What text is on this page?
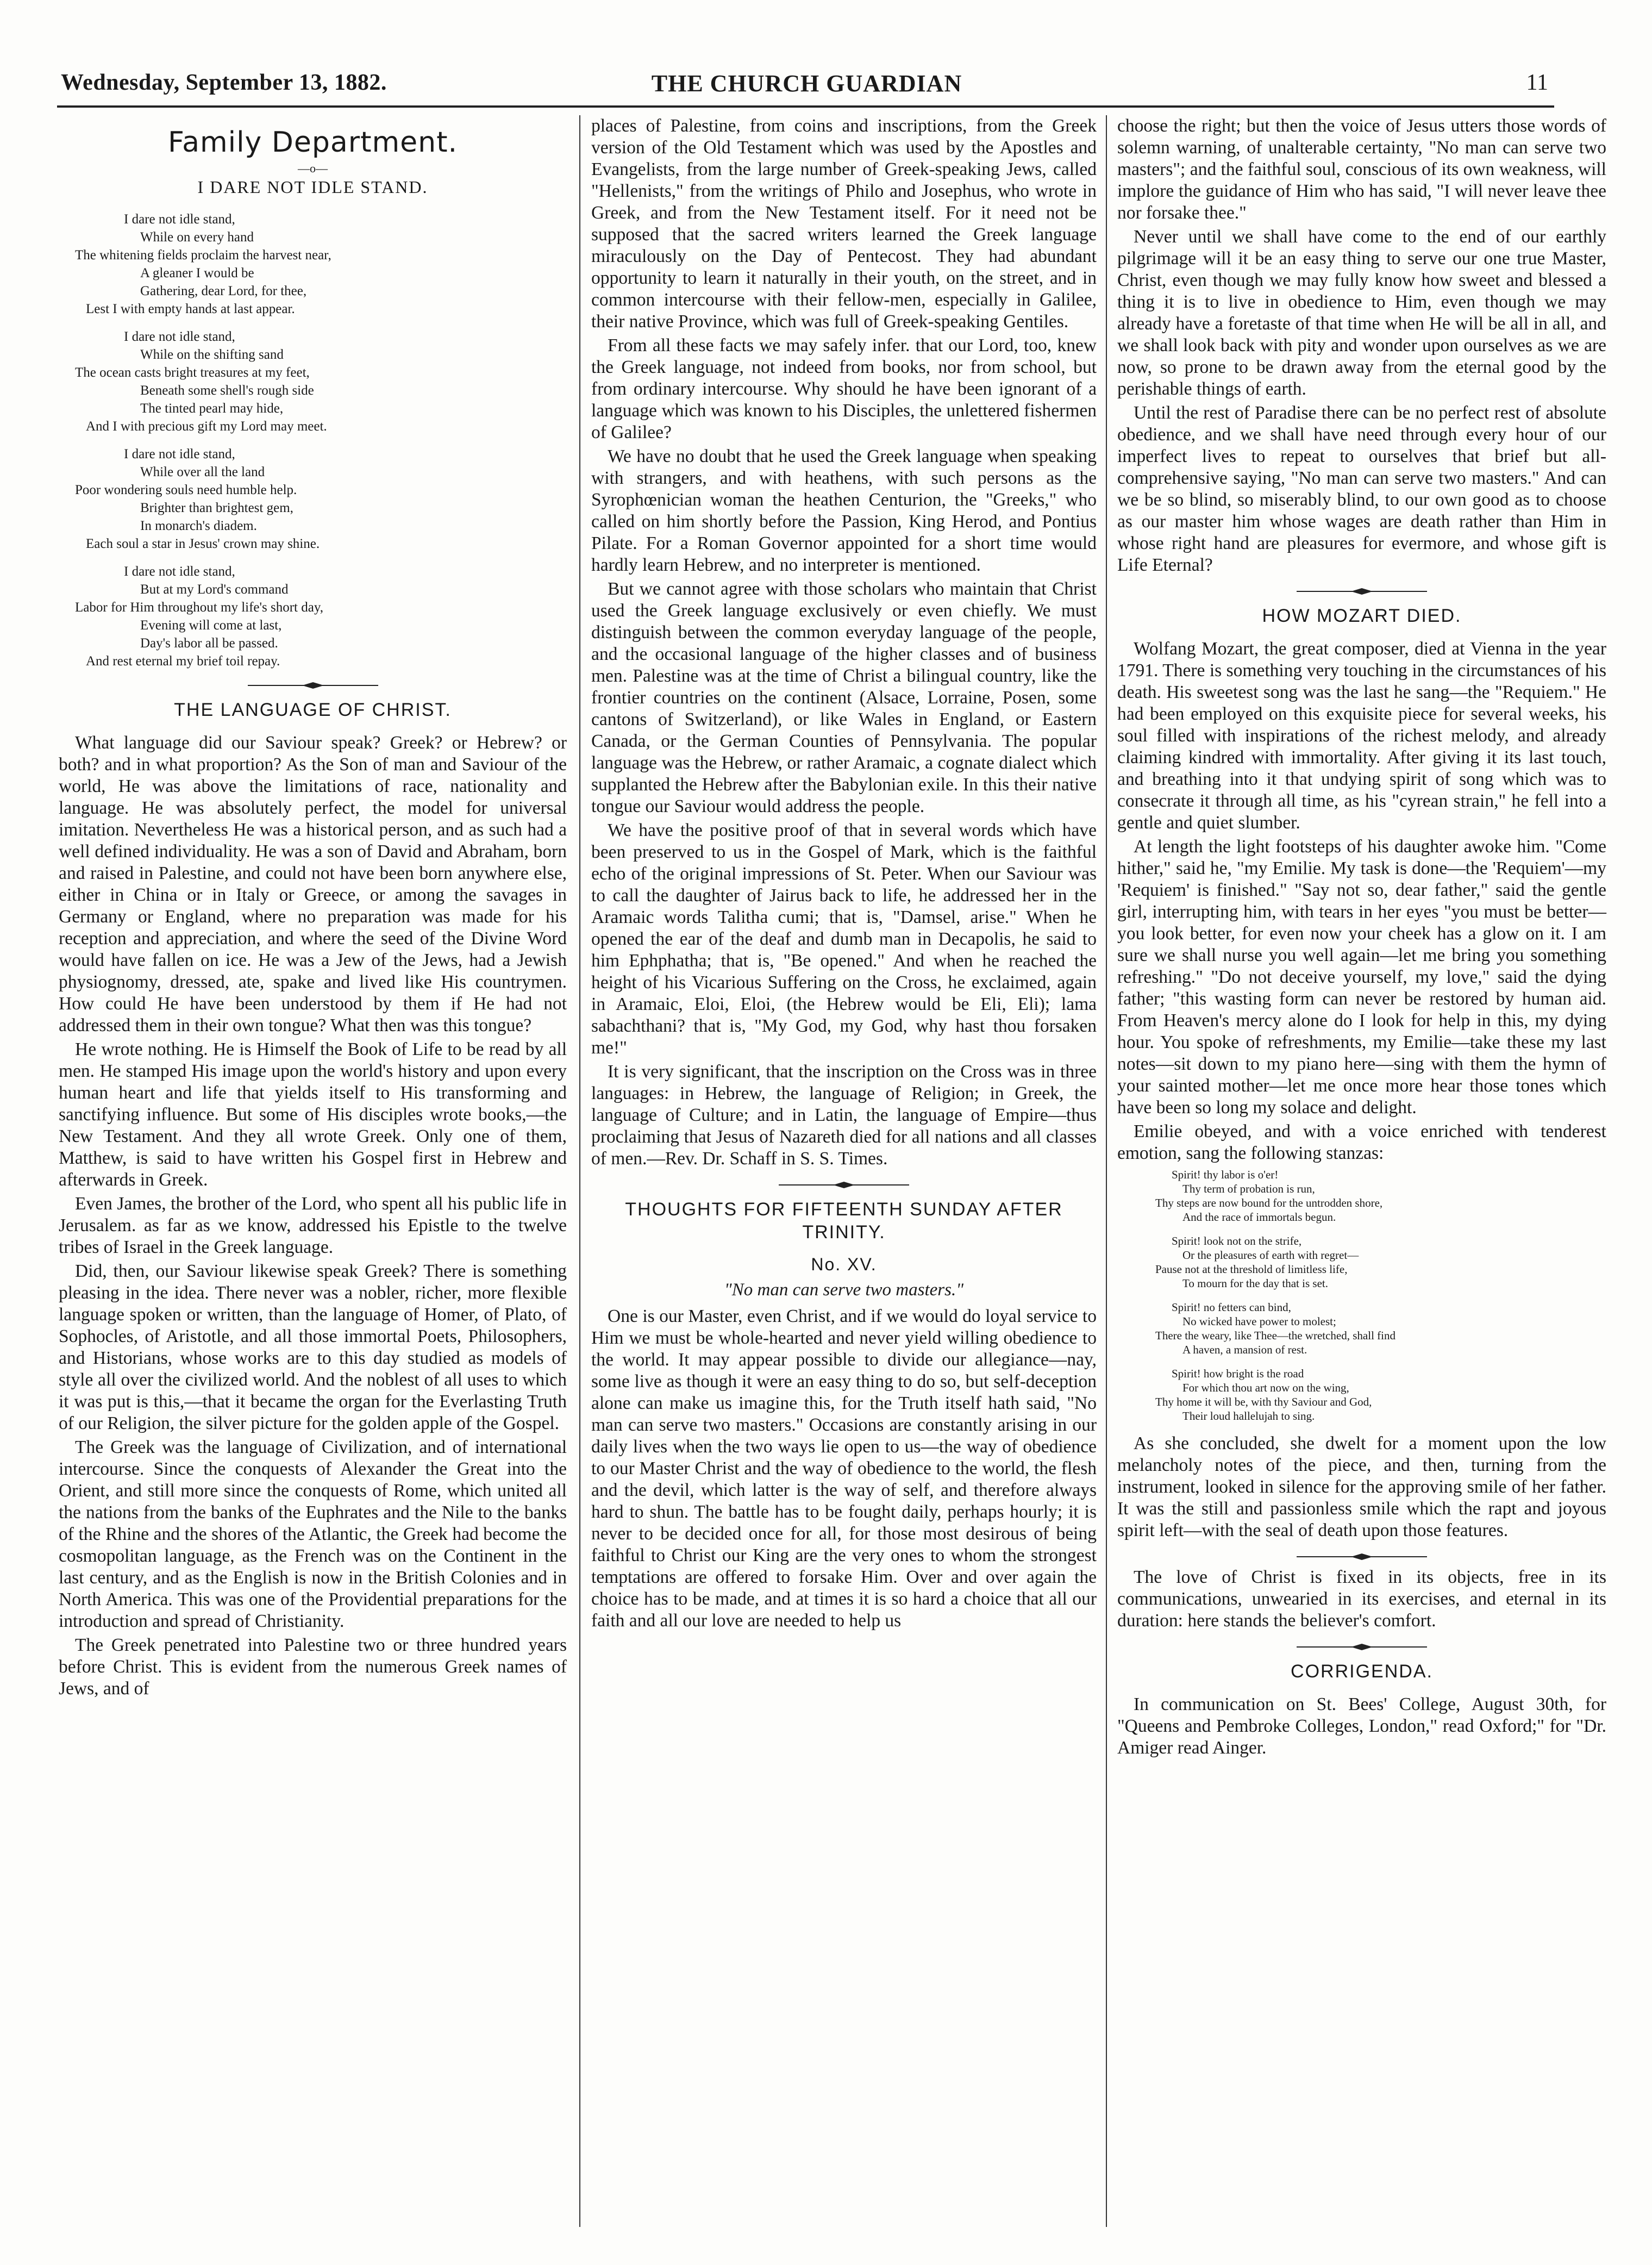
Wednesday, September 13, 1882.	THE CHURCH GUARDIAN	11
Family Department.
—o—
I DARE NOT IDLE STAND.
I dare not idle stand,
While on every hand
The whitening fields proclaim the harvest near,
A gleaner I would be
Gathering, dear Lord, for thee,
Lest I with empty hands at last appear.
I dare not idle stand,
While on the shifting sand
The ocean casts bright treasures at my feet,
Beneath some shell's rough side
The tinted pearl may hide,
And I with precious gift my Lord may meet.
I dare not idle stand,
While over all the land
Poor wondering souls need humble help.
Brighter than brightest gem,
In monarch's diadem.
Each soul a star in Jesus' crown may shine.
I dare not idle stand,
But at my Lord's command
Labor for Him throughout my life's short day,
Evening will come at last,
Day's labor all be passed.
And rest eternal my brief toil repay.
THE LANGUAGE OF CHRIST.

What language did our Saviour speak? Greek? or Hebrew? or both? and in what proportion? As the Son of man and Saviour of the world, He was above the limitations of race, nationality and language. He was absolutely perfect, the model for universal imitation. Nevertheless He was a historical person, and as such had a well defined individuality. He was a son of David and Abraham, born and raised in Palestine, and could not have been born anywhere else, either in China or in Italy or Greece, or among the savages in Germany or England, where no preparation was made for his reception and appreciation, and where the seed of the Divine Word would have fallen on ice. He was a Jew of the Jews, had a Jewish physiognomy, dressed, ate, spake and lived like His countrymen. How could He have been understood by them if He had not addressed them in their own tongue? What then was this tongue?

He wrote nothing. He is Himself the Book of Life to be read by all men. He stamped His image upon the world's history and upon every human heart and life that yields itself to His transforming and sanctifying influence. But some of His disciples wrote books,—the New Testament. And they all wrote Greek. Only one of them, Matthew, is said to have written his Gospel first in Hebrew and afterwards in Greek.

Even James, the brother of the Lord, who spent all his public life in Jerusalem. as far as we know, addressed his Epistle to the twelve tribes of Israel in the Greek language.

Did, then, our Saviour likewise speak Greek? There is something pleasing in the idea. There never was a nobler, richer, more flexible language spoken or written, than the language of Homer, of Plato, of Sophocles, of Aristotle, and all those immortal Poets, Philosophers, and Historians, whose works are to this day studied as models of style all over the civilized world. And the noblest of all uses to which it was put is this,—that it became the organ for the Everlasting Truth of our Religion, the silver picture for the golden apple of the Gospel.

The Greek was the language of Civilization, and of international intercourse. Since the conquests of Alexander the Great into the Orient, and still more since the conquests of Rome, which united all the nations from the banks of the Euphrates and the Nile to the banks of the Rhine and the shores of the Atlantic, the Greek had become the cosmopolitan language, as the French was on the Continent in the last century, and as the English is now in the British Colonies and in North America. This was one of the Providential preparations for the introduction and spread of Christianity.

The Greek penetrated into Palestine two or three hundred years before Christ. This is evident from the numerous Greek names of Jews, and of

places of Palestine, from coins and inscriptions, from the Greek version of the Old Testament which was used by the Apostles and Evangelists, from the large number of Greek-speaking Jews, called "Hellenists," from the writings of Philo and Josephus, who wrote in Greek, and from the New Testament itself. For it need not be supposed that the sacred writers learned the Greek language miraculously on the Day of Pentecost. They had abundant opportunity to learn it naturally in their youth, on the street, and in common intercourse with their fellow-men, especially in Galilee, their native Province, which was full of Greek-speaking Gentiles.

From all these facts we may safely infer. that our Lord, too, knew the Greek language, not indeed from books, nor from school, but from ordinary intercourse. Why should he have been ignorant of a language which was known to his Disciples, the unlettered fishermen of Galilee?

We have no doubt that he used the Greek language when speaking with strangers, and with heathens, with such persons as the Syrophœnician woman the heathen Centurion, the "Greeks," who called on him shortly before the Passion, King Herod, and Pontius Pilate. For a Roman Governor appointed for a short time would hardly learn Hebrew, and no interpreter is mentioned.

But we cannot agree with those scholars who maintain that Christ used the Greek language exclusively or even chiefly. We must distinguish between the common everyday language of the people, and the occasional language of the higher classes and of business men. Palestine was at the time of Christ a bilingual country, like the frontier countries on the continent (Alsace, Lorraine, Posen, some cantons of Switzerland), or like Wales in England, or Eastern Canada, or the German Counties of Pennsylvania. The popular language was the Hebrew, or rather Aramaic, a cognate dialect which supplanted the Hebrew after the Babylonian exile. In this their native tongue our Saviour would address the people.

We have the positive proof of that in several words which have been preserved to us in the Gospel of Mark, which is the faithful echo of the original impressions of St. Peter. When our Saviour was to call the daughter of Jairus back to life, he addressed her in the Aramaic words Talitha cumi; that is, "Damsel, arise." When he opened the ear of the deaf and dumb man in Decapolis, he said to him Ephphatha; that is, "Be opened." And when he reached the height of his Vicarious Suffering on the Cross, he exclaimed, again in Aramaic, Eloi, Eloi, (the Hebrew would be Eli, Eli); lama sabachthani? that is, "My God, my God, why hast thou forsaken me!"

It is very significant, that the inscription on the Cross was in three languages: in Hebrew, the language of Religion; in Greek, the language of Culture; and in Latin, the language of Empire—thus proclaiming that Jesus of Nazareth died for all nations and all classes of men.—Rev. Dr. Schaff in S. S. Times.

THOUGHTS FOR FIFTEENTH SUNDAY AFTER TRINITY.
No. XV.
"No man can serve two masters."

One is our Master, even Christ, and if we would do loyal service to Him we must be whole-hearted and never yield willing obedience to the world. It may appear possible to divide our allegiance—nay, some live as though it were an easy thing to do so, but self-deception alone can make us imagine this, for the Truth itself hath said, "No man can serve two masters." Occasions are constantly arising in our daily lives when the two ways lie open to us—the way of obedience to our Master Christ and the way of obedience to the world, the flesh and the devil, which latter is the way of self, and therefore always hard to shun. The battle has to be fought daily, perhaps hourly; it is never to be decided once for all, for those most desirous of being faithful to Christ our King are the very ones to whom the strongest temptations are offered to forsake Him. Over and over again the choice has to be made, and at times it is so hard a choice that all our faith and all our love are needed to help us

choose the right; but then the voice of Jesus utters those words of solemn warning, of unalterable certainty, "No man can serve two masters"; and the faithful soul, conscious of its own weakness, will implore the guidance of Him who has said, "I will never leave thee nor forsake thee."

Never until we shall have come to the end of our earthly pilgrimage will it be an easy thing to serve our one true Master, Christ, even though we may fully know how sweet and blessed a thing it is to live in obedience to Him, even though we may already have a foretaste of that time when He will be all in all, and we shall look back with pity and wonder upon ourselves as we are now, so prone to be drawn away from the eternal good by the perishable things of earth.

Until the rest of Paradise there can be no perfect rest of absolute obedience, and we shall have need through every hour of our imperfect lives to repeat to ourselves that brief but all-comprehensive saying, "No man can serve two masters." And can we be so blind, so miserably blind, to our own good as to choose as our master him whose wages are death rather than Him in whose right hand are pleasures for evermore, and whose gift is Life Eternal?

HOW MOZART DIED.

Wolfang Mozart, the great composer, died at Vienna in the year 1791. There is something very touching in the circumstances of his death. His sweetest song was the last he sang—the "Requiem." He had been employed on this exquisite piece for several weeks, his soul filled with inspirations of the richest melody, and already claiming kindred with immortality. After giving it its last touch, and breathing into it that undying spirit of song which was to consecrate it through all time, as his "cyrean strain," he fell into a gentle and quiet slumber.

At length the light footsteps of his daughter awoke him. "Come hither," said he, "my Emilie. My task is done—the 'Requiem'—my 'Requiem' is finished." "Say not so, dear father," said the gentle girl, interrupting him, with tears in her eyes "you must be better—you look better, for even now your cheek has a glow on it. I am sure we shall nurse you well again—let me bring you something refreshing." "Do not deceive yourself, my love," said the dying father; "this wasting form can never be restored by human aid. From Heaven's mercy alone do I look for help in this, my dying hour. You spoke of refreshments, my Emilie—take these my last notes—sit down to my piano here—sing with them the hymn of your sainted mother—let me once more hear those tones which have been so long my solace and delight.

Emilie obeyed, and with a voice enriched with tenderest emotion, sang the following stanzas:

Spirit! thy labor is o'er!
Thy term of probation is run,
Thy steps are now bound for the untrodden shore,
And the race of immortals begun.
Spirit! look not on the strife,
Or the pleasures of earth with regret—
Pause not at the threshold of limitless life,
To mourn for the day that is set.
Spirit! no fetters can bind,
No wicked have power to molest;
There the weary, like Thee—the wretched, shall find
A haven, a mansion of rest.
Spirit! how bright is the road
For which thou art now on the wing,
Thy home it will be, with thy Saviour and God,
Their loud hallelujah to sing.

As she concluded, she dwelt for a moment upon the low melancholy notes of the piece, and then, turning from the instrument, looked in silence for the approving smile of her father. It was the still and passionless smile which the rapt and joyous spirit left—with the seal of death upon those features.

The love of Christ is fixed in its objects, free in its communications, unwearied in its exercises, and eternal in its duration: here stands the believer's comfort.

CORRIGENDA.

In communication on St. Bees' College, August 30th, for "Queens and Pembroke Colleges, London," read Oxford;" for "Dr. Amiger read Ainger.
